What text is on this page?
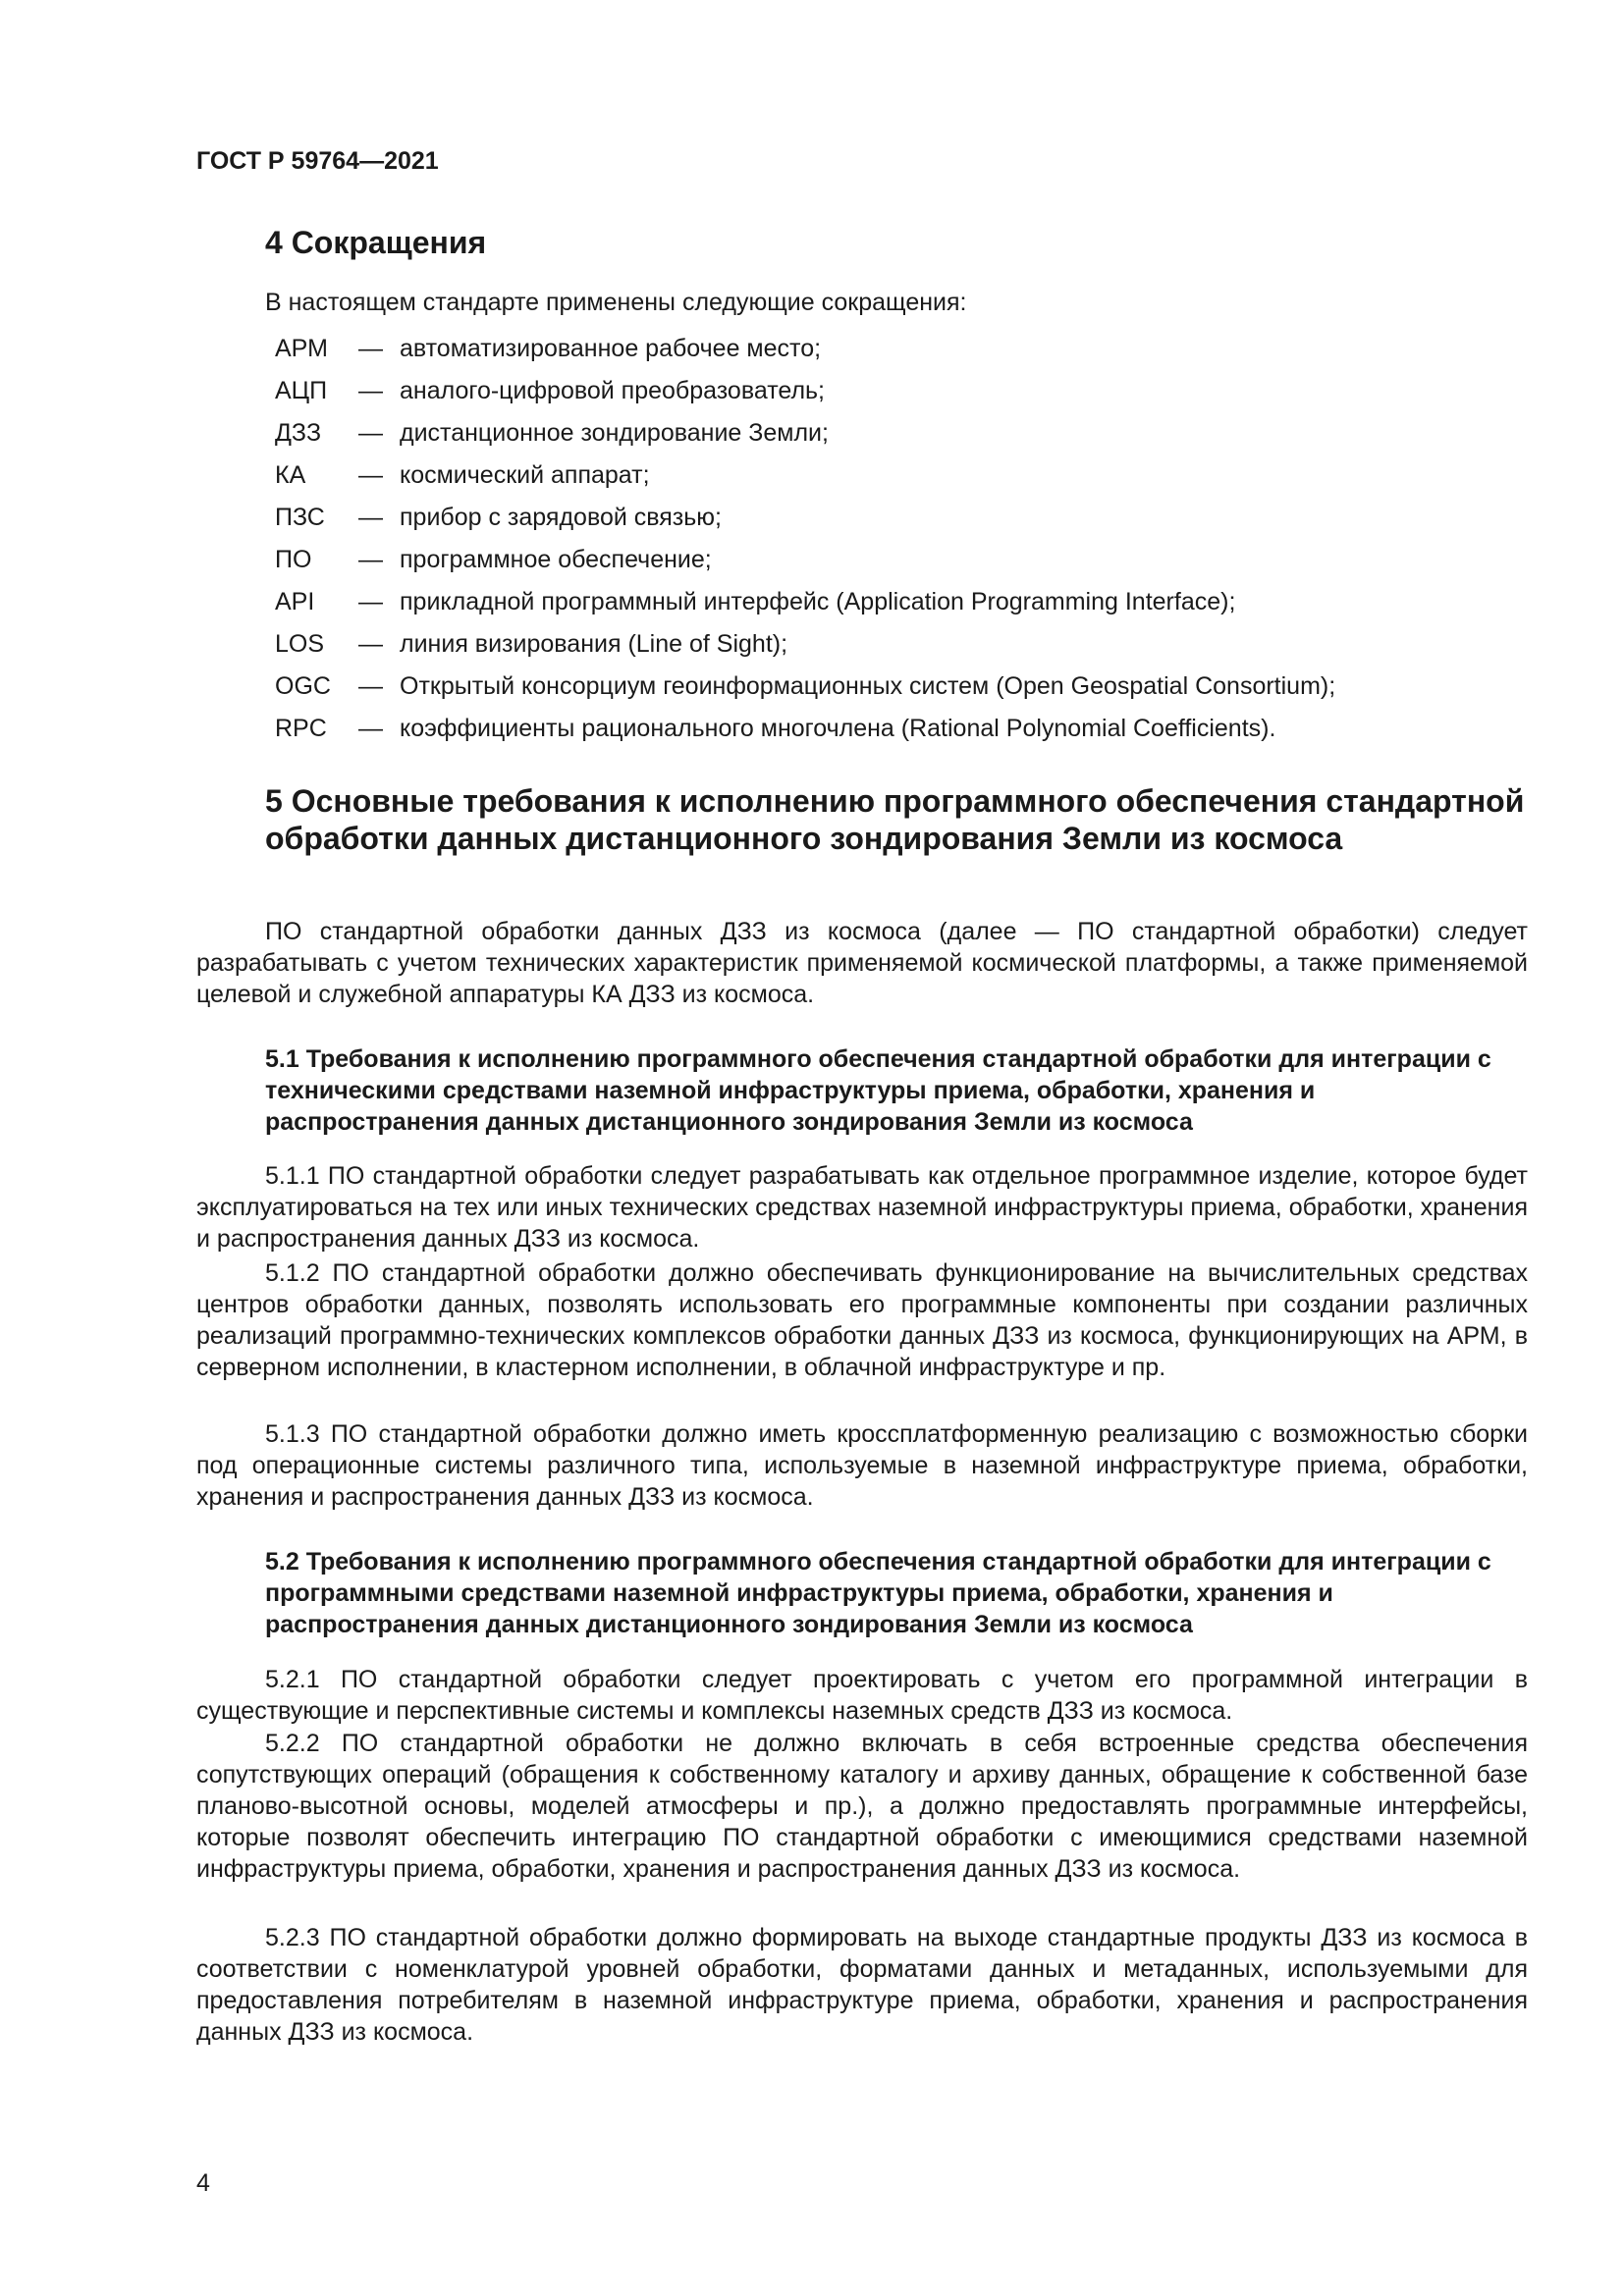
ГОСТ Р 59764—2021
4 Сокращения

В настоящем стандарте применены следующие сокращения:

АРМ	— автоматизированное рабочее место;
АЦП	— аналого-цифровой преобразователь;
ДЗЗ	— дистанционное зондирование Земли;
КА	— космический аппарат;
ПЗС	— прибор с зарядовой связью;
ПО	— программное обеспечение;
API	— прикладной программный интерфейс (Application Programming Interface);
LOS	— линия визирования (Line of Sight);
OGC	— Открытый консорциум геоинформационных систем (Open Geospatial Consortium);
RPC	— коэффициенты рационального многочлена (Rational Polynomial Coefficients).
5 Основные требования к исполнению программного обеспечения стандартной обработки данных дистанционного зондирования Земли из космоса

ПО стандартной обработки данных ДЗЗ из космоса (далее — ПО стандартной обработки) следует разрабатывать с учетом технических характеристик применяемой космической платформы, а также применяемой целевой и служебной аппаратуры КА ДЗЗ из космоса.

5.1 Требования к исполнению программного обеспечения стандартной обработки для интеграции с техническими средствами наземной инфраструктуры приема, обработки, хранения и распространения данных дистанционного зондирования Земли из космоса

5.1.1 ПО стандартной обработки следует разрабатывать как отдельное программное изделие, которое будет эксплуатироваться на тех или иных технических средствах наземной инфраструктуры приема, обработки, хранения и распространения данных ДЗЗ из космоса.

5.1.2 ПО стандартной обработки должно обеспечивать функционирование на вычислительных средствах центров обработки данных, позволять использовать его программные компоненты при создании различных реализаций программно-технических комплексов обработки данных ДЗЗ из космоса, функционирующих на АРМ, в серверном исполнении, в кластерном исполнении, в облачной инфраструктуре и пр.

5.1.3 ПО стандартной обработки должно иметь кроссплатформенную реализацию с возможностью сборки под операционные системы различного типа, используемые в наземной инфраструктуре приема, обработки, хранения и распространения данных ДЗЗ из космоса.

5.2 Требования к исполнению программного обеспечения стандартной обработки для интеграции с программными средствами наземной инфраструктуры приема, обработки, хранения и распространения данных дистанционного зондирования Земли из космоса

5.2.1 ПО стандартной обработки следует проектировать с учетом его программной интеграции в существующие и перспективные системы и комплексы наземных средств ДЗЗ из космоса.

5.2.2 ПО стандартной обработки не должно включать в себя встроенные средства обеспечения сопутствующих операций (обращения к собственному каталогу и архиву данных, обращение к собственной базе планово-высотной основы, моделей атмосферы и пр.), а должно предоставлять программные интерфейсы, которые позволят обеспечить интеграцию ПО стандартной обработки с имеющимися средствами наземной инфраструктуры приема, обработки, хранения и распространения данных ДЗЗ из космоса.

5.2.3 ПО стандартной обработки должно формировать на выходе стандартные продукты ДЗЗ из космоса в соответствии с номенклатурой уровней обработки, форматами данных и метаданных, используемыми для предоставления потребителям в наземной инфраструктуре приема, обработки, хранения и распространения данных ДЗЗ из космоса.

4
